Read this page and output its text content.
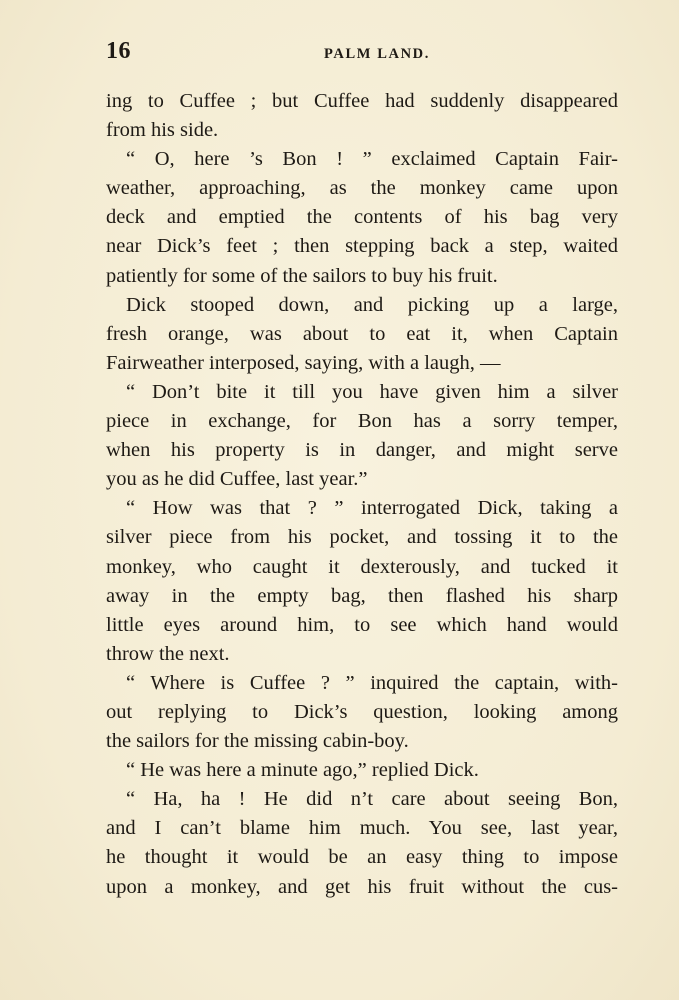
16	PALM LAND.
ing to Cuffee ; but Cuffee had suddenly disappeared
from his side.
“ O, here ’s Bon ! ” exclaimed Captain Fair-
weather, approaching, as the monkey came upon
deck and emptied the contents of his bag very
near Dick’s feet ; then stepping back a step, waited
patiently for some of the sailors to buy his fruit.
Dick stooped down, and picking up a large,
fresh orange, was about to eat it, when Captain
Fairweather interposed, saying, with a laugh, —
“ Don’t bite it till you have given him a silver
piece in exchange, for Bon has a sorry temper,
when his property is in danger, and might serve
you as he did Cuffee, last year.”
“ How was that ? ” interrogated Dick, taking a
silver piece from his pocket, and tossing it to the
monkey, who caught it dexterously, and tucked it
away in the empty bag, then flashed his sharp
little eyes around him, to see which hand would
throw the next.
“ Where is Cuffee ? ” inquired the captain, with-
out replying to Dick’s question, looking among
the sailors for the missing cabin-boy.
“ He was here a minute ago,” replied Dick.
“ Ha, ha ! He did n’t care about seeing Bon,
and I can’t blame him much. You see, last year,
he thought it would be an easy thing to impose
upon a monkey, and get his fruit without the cus-
